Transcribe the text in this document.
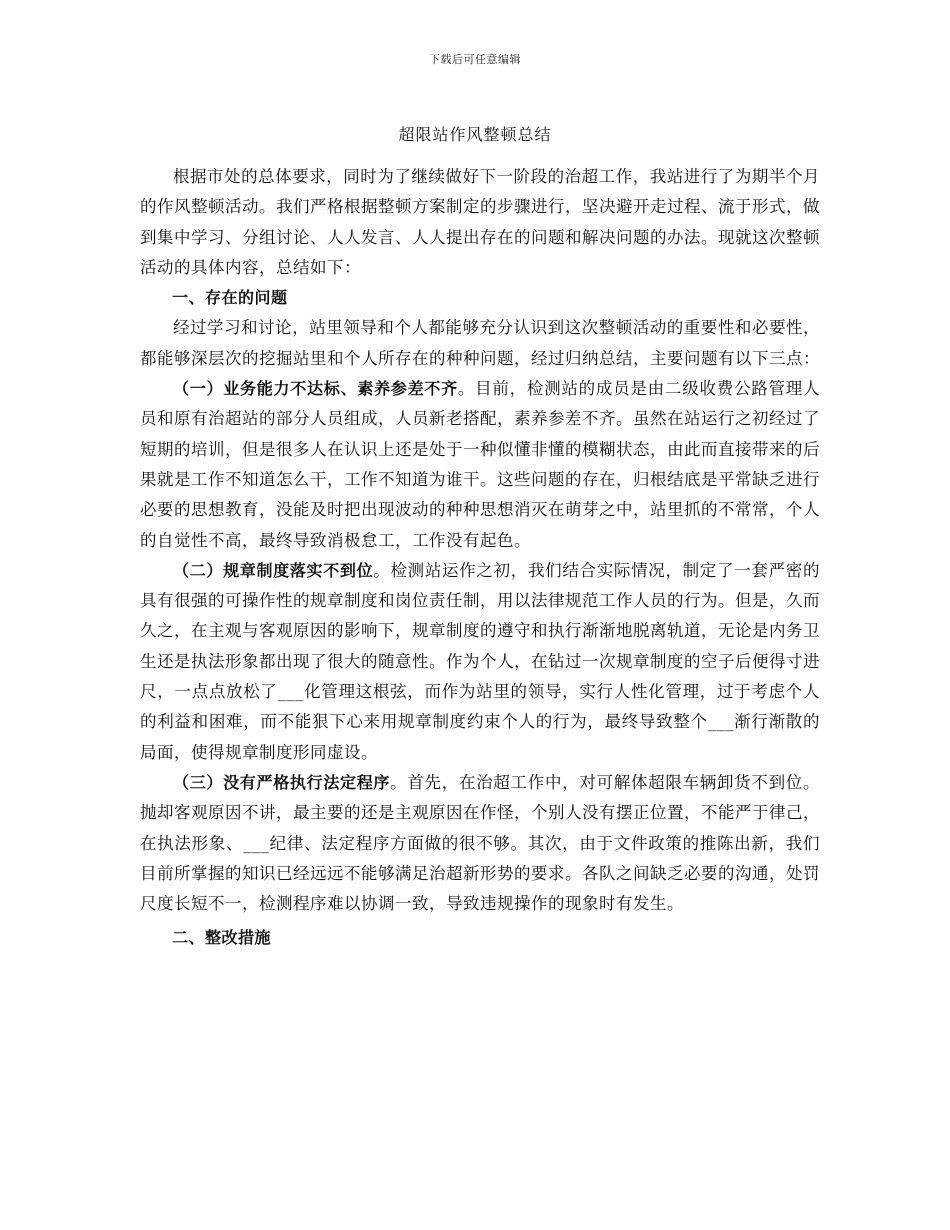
下载后可任意编辑
超限站作风整顿总结

根据市处的总体要求，同时为了继续做好下一阶段的治超工作，我站进行了为期半个月的作风整顿活动。我们严格根据整顿方案制定的步骤进行，坚决避开走过程、流于形式，做到集中学习、分组讨论、人人发言、人人提出存在的问题和解决问题的办法。现就这次整顿活动的具体内容，总结如下：

一、存在的问题

经过学习和讨论，站里领导和个人都能够充分认识到这次整顿活动的重要性和必要性，都能够深层次的挖掘站里和个人所存在的种种问题，经过归纳总结，主要问题有以下三点：

（一）业务能力不达标、素养参差不齐。目前，检测站的成员是由二级收费公路管理人员和原有治超站的部分人员组成，人员新老搭配，素养参差不齐。虽然在站运行之初经过了短期的培训，但是很多人在认识上还是处于一种似懂非懂的模糊状态，由此而直接带来的后果就是工作不知道怎么干，工作不知道为谁干。这些问题的存在，归根结底是平常缺乏进行必要的思想教育，没能及时把出现波动的种种思想消灭在萌芽之中，站里抓的不常常，个人的自觉性不高，最终导致消极怠工，工作没有起色。

（二）规章制度落实不到位。检测站运作之初，我们结合实际情况，制定了一套严密的具有很强的可操作性的规章制度和岗位责任制，用以法律规范工作人员的行为。但是，久而久之，在主观与客观原因的影响下，规章制度的遵守和执行渐渐地脱离轨道，无论是内务卫生还是执法形象都出现了很大的随意性。作为个人，在钻过一次规章制度的空子后便得寸进尺，一点点放松了___化管理这根弦，而作为站里的领导，实行人性化管理，过于考虑个人的利益和困难，而不能狠下心来用规章制度约束个人的行为，最终导致整个___渐行渐散的局面，使得规章制度形同虚设。

（三）没有严格执行法定程序。首先，在治超工作中，对可解体超限车辆卸货不到位。抛却客观原因不讲，最主要的还是主观原因在作怪，个别人没有摆正位置，不能严于律己，在执法形象、___纪律、法定程序方面做的很不够。其次，由于文件政策的推陈出新，我们目前所掌握的知识已经远远不能够满足治超新形势的要求。各队之间缺乏必要的沟通，处罚尺度长短不一，检测程序难以协调一致，导致违规操作的现象时有发生。

二、整改措施
